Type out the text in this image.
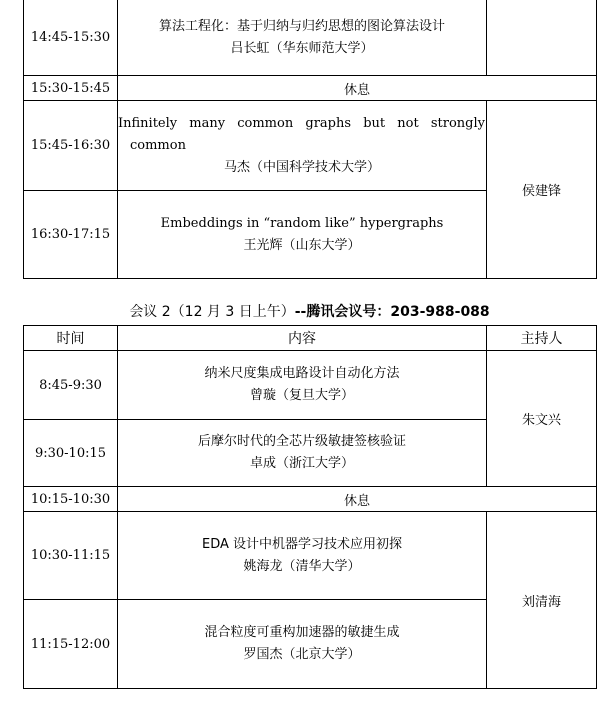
14:45-15:30	算法工程化：基于归纳与归约思想的图论算法设计
吕长虹（华东师范大学）	

15:30-15:45	休息	
15:45-16:30	Infinitely many common graphs but not strongly
common
马杰（中国科学技术大学）	侯建锋
16:30-17:15	Embeddings in “random like” hypergraphs
王光辉（山东大学）	
会议 2（12 月 3 日上午）--腾讯会议号：203-988-088
时间	内容	主持人
8:45-9:30	纳米尺度集成电路设计自动化方法
曾璇（复旦大学）	朱文兴
9:30-10:15	后摩尔时代的全芯片级敏捷签核验证
卓成（浙江大学）	

10:15-10:30	休息	
10:30-11:15	EDA 设计中机器学习技术应用初探
姚海龙（清华大学）	刘清海
11:15-12:00	混合粒度可重构加速器的敏捷生成
罗国杰（北京大学）	
